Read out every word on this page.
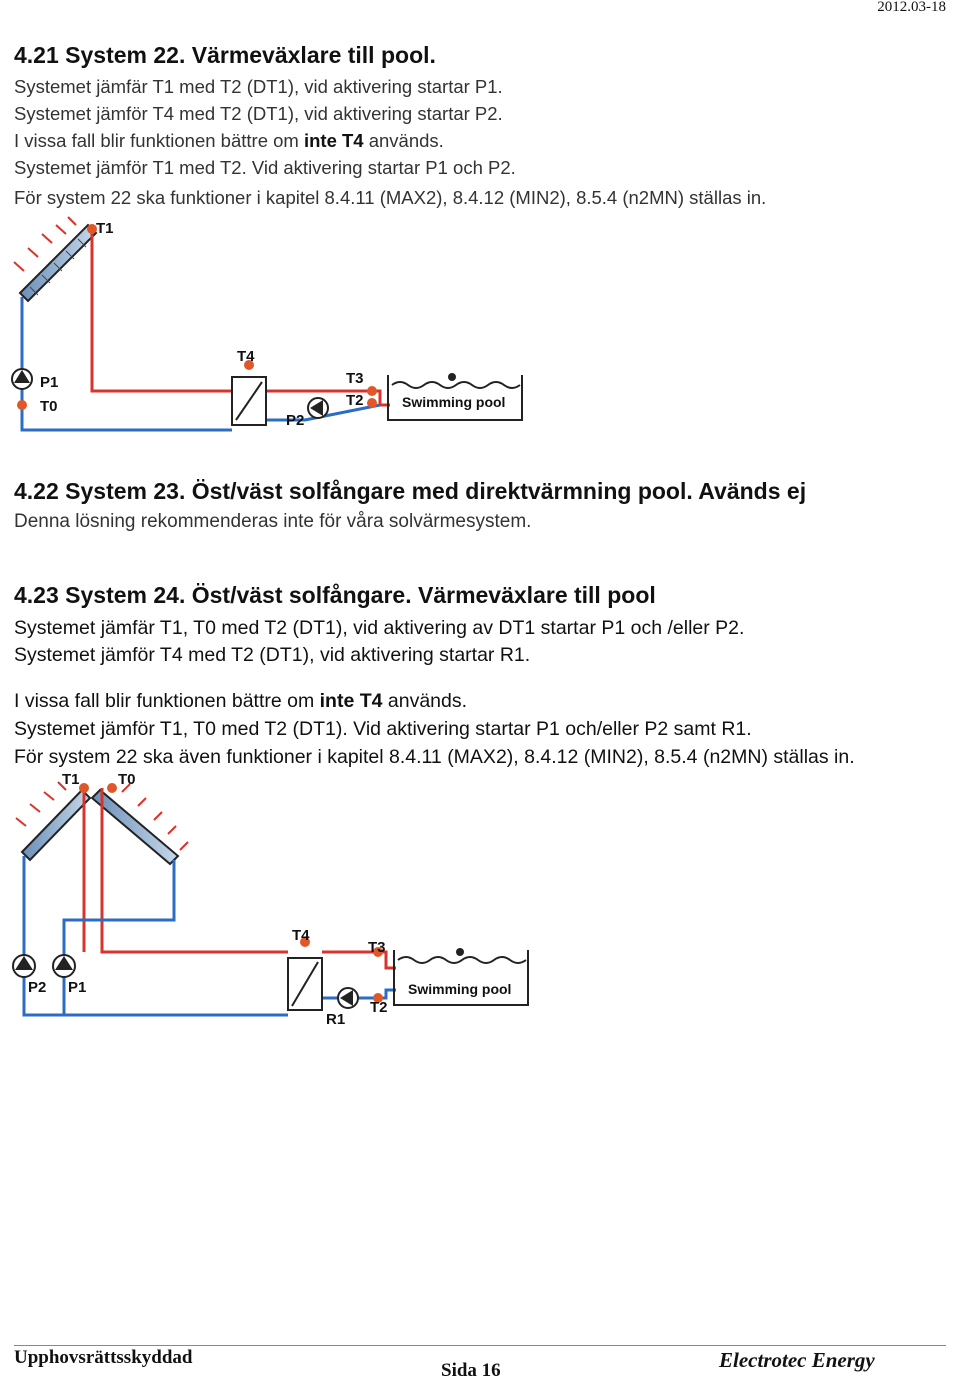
2012.03-18
4.21 System 22. Värmeväxlare till pool.
Systemet jämfär T1 med T2 (DT1), vid aktivering startar P1.
Systemet jämför T4 med T2 (DT1), vid aktivering startar P2.
I vissa fall blir funktionen bättre om inte T4 används.
Systemet jämför T1 med T2. Vid aktivering startar P1 och P2.
För system 22 ska funktioner i kapitel 8.4.11 (MAX2), 8.4.12 (MIN2), 8.5.4 (n2MN) ställas in.
Swimming pool
T1
T4
T3
T2
P1
T0
P2
4.22 System 23. Öst/väst solfångare med direktvärmning pool. Avänds ej
Denna lösning rekommenderas inte för våra solvärmesystem.
4.23 System 24. Öst/väst solfångare. Värmeväxlare till pool
Systemet jämfär T1, T0 med T2 (DT1), vid aktivering av DT1 startar P1 och /eller P2.
Systemet jämför T4 med T2 (DT1), vid aktivering startar R1.
I vissa fall blir funktionen bättre om inte T4 används.
Systemet jämför T1, T0 med T2 (DT1). Vid aktivering startar P1 och/eller P2 samt R1.
För system 22 ska även funktioner i kapitel 8.4.11 (MAX2), 8.4.12 (MIN2), 8.5.4 (n2MN) ställas in.
Swimming pool
T1	T0
T4
T3
T2
P2 P1
R1
Upphovsrättsskyddad
Sida 16	Electrotec Energy
